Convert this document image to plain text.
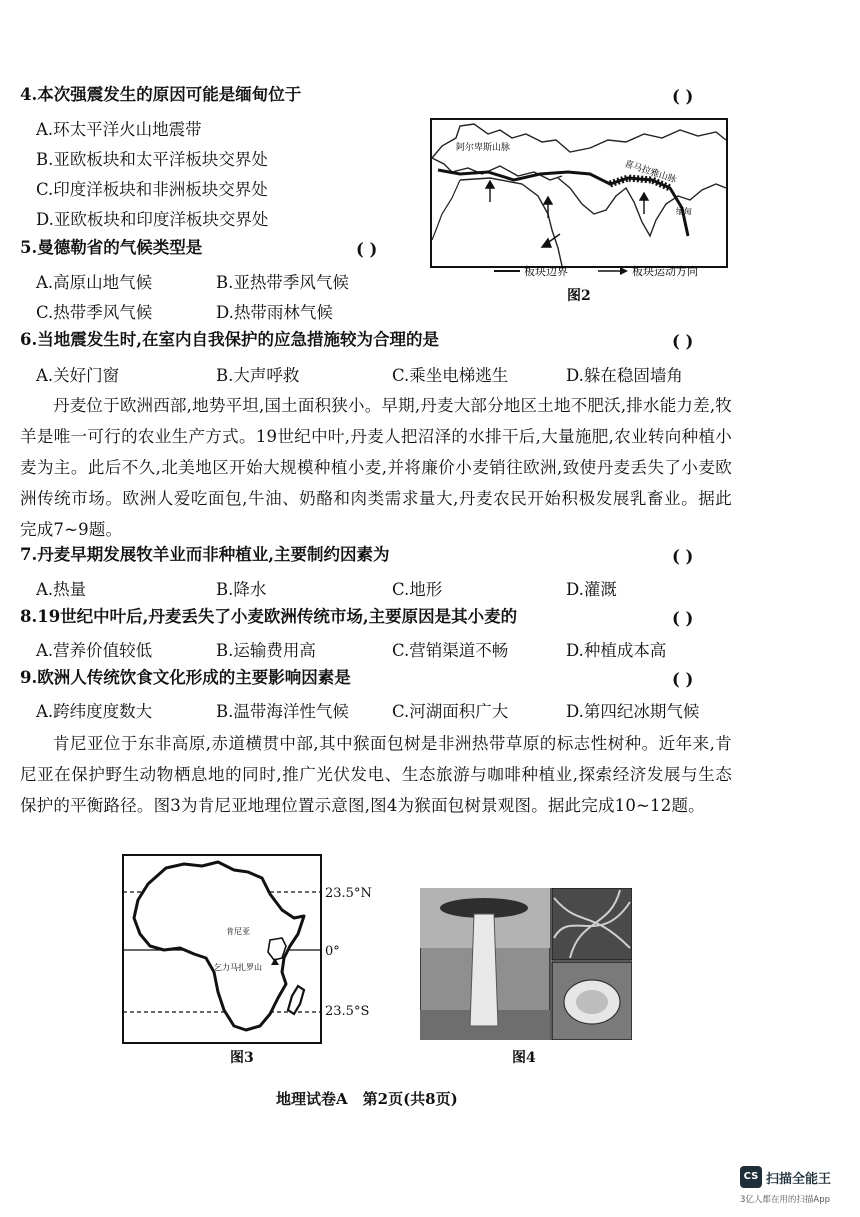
4.本次强震发生的原因可能是缅甸位于	( )
A.环太平洋火山地震带
B.亚欧板块和太平洋板块交界处
C.印度洋板块和非洲板块交界处
D.亚欧板块和印度洋板块交界处
阿尔卑斯山脉
喜马拉雅山脉
缅甸
板块边界	板块运动方向
图2
5.曼德勒省的气候类型是	( )
A.高原山地气候	B.亚热带季风气候
C.热带季风气候	D.热带雨林气候
6.当地震发生时,在室内自我保护的应急措施较为合理的是	( )
A.关好门窗	B.大声呼救	C.乘坐电梯逃生	D.躲在稳固墙角
丹麦位于欧洲西部,地势平坦,国土面积狭小。早期,丹麦大部分地区土地不肥沃,排水能力差,牧羊是唯一可行的农业生产方式。19世纪中叶,丹麦人把沼泽的水排干后,大量施肥,农业转向种植小麦为主。此后不久,北美地区开始大规模种植小麦,并将廉价小麦销往欧洲,致使丹麦丢失了小麦欧洲传统市场。欧洲人爱吃面包,牛油、奶酪和肉类需求量大,丹麦农民开始积极发展乳畜业。据此完成7~9题。
7.丹麦早期发展牧羊业而非种植业,主要制约因素为	( )
A.热量	B.降水	C.地形	D.灌溉
8.19世纪中叶后,丹麦丢失了小麦欧洲传统市场,主要原因是其小麦的	( )
A.营养价值较低	B.运输费用高	C.营销渠道不畅	D.种植成本高
9.欧洲人传统饮食文化形成的主要影响因素是	( )
A.跨纬度度数大	B.温带海洋性气候	C.河湖面积广大	D.第四纪冰期气候
肯尼亚位于东非高原,赤道横贯中部,其中猴面包树是非洲热带草原的标志性树种。近年来,肯尼亚在保护野生动物栖息地的同时,推广光伏发电、生态旅游与咖啡种植业,探索经济发展与生态保护的平衡路径。图3为肯尼亚地理位置示意图,图4为猴面包树景观图。据此完成10~12题。
肯尼亚
乞力马扎罗山
23.5°N
0°
23.5°S
图3	图4
地理试卷A　第2页(共8页)
CS 扫描全能王
3亿人都在用的扫描App
